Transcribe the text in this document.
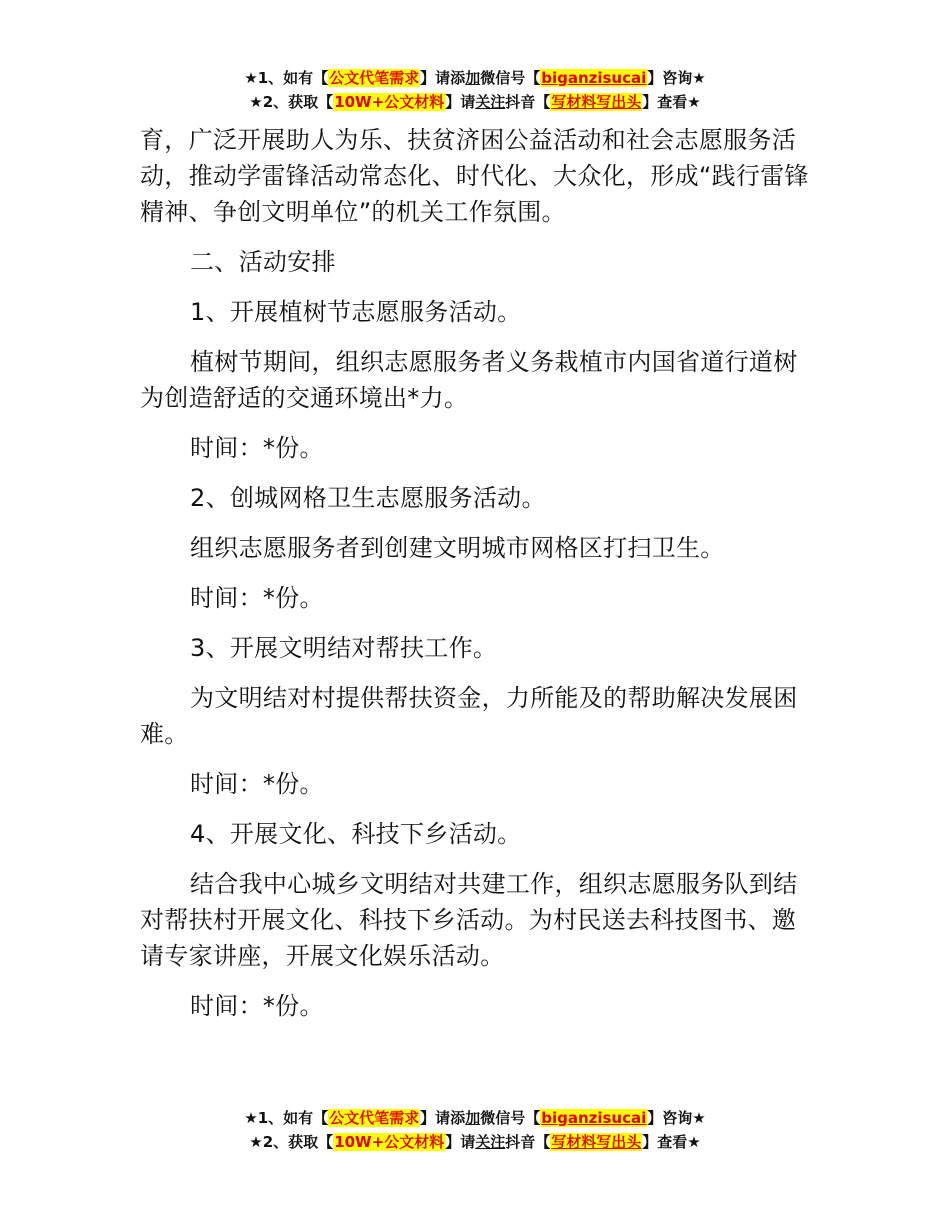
★1、如有【公文代笔需求】请添加微信号【biganzisucai】咨询★
★2、获取【10W+公文材料】请关注抖音【写材料写出头】查看★

育，广泛开展助人为乐、扶贫济困公益活动和社会志愿服务活动，推动学雷锋活动常态化、时代化、大众化，形成“践行雷锋精神、争创文明单位”的机关工作氛围。

二、活动安排

1、开展植树节志愿服务活动。

植树节期间，组织志愿服务者义务栽植市内国省道行道树为创造舒适的交通环境出*力。

时间：*份。

2、创城网格卫生志愿服务活动。

组织志愿服务者到创建文明城市网格区打扫卫生。

时间：*份。

3、开展文明结对帮扶工作。

为文明结对村提供帮扶资金，力所能及的帮助解决发展困难。

时间：*份。

4、开展文化、科技下乡活动。

结合我中心城乡文明结对共建工作，组织志愿服务队到结对帮扶村开展文化、科技下乡活动。为村民送去科技图书、邀请专家讲座，开展文化娱乐活动。

时间：*份。

★1、如有【公文代笔需求】请添加微信号【biganzisucai】咨询★
★2、获取【10W+公文材料】请关注抖音【写材料写出头】查看★
